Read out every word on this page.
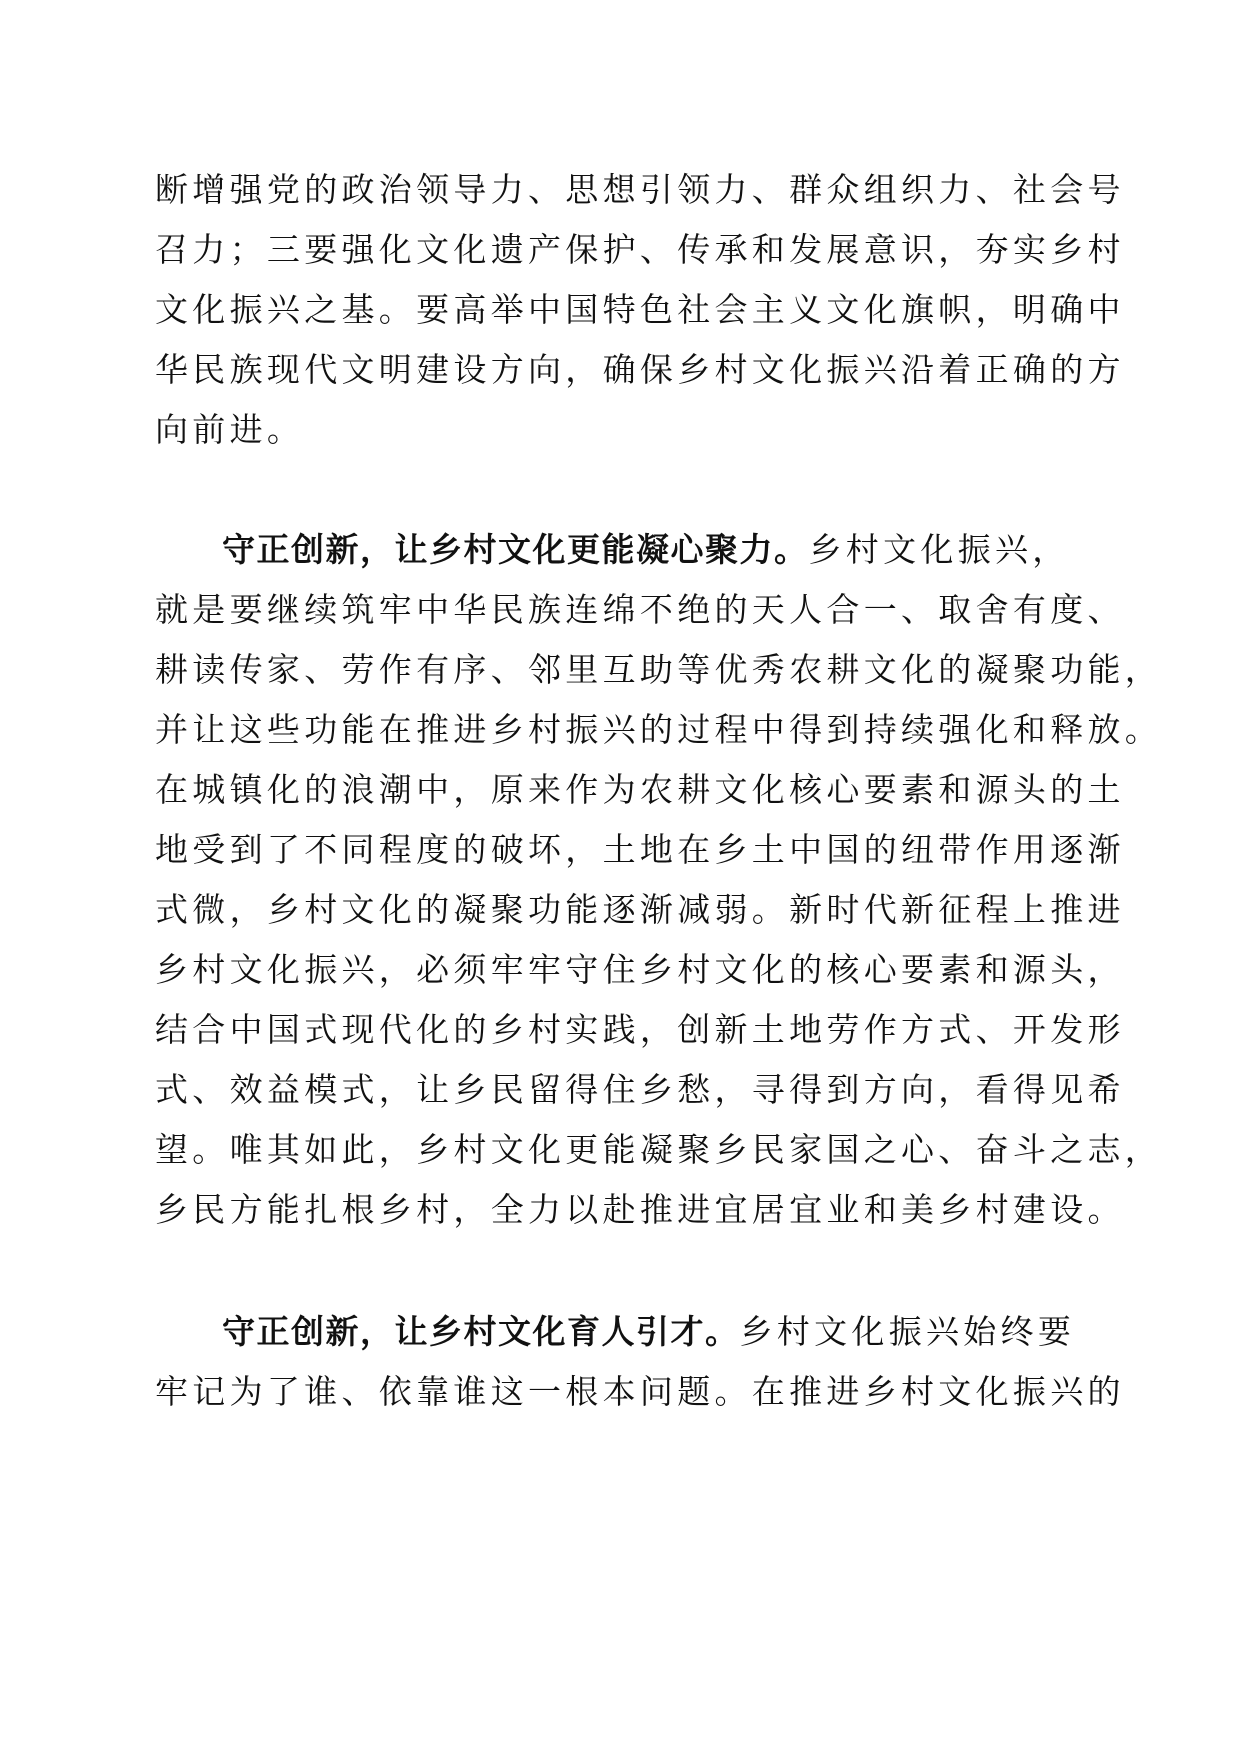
断增强党的政治领导力、思想引领力、群众组织力、社会号
召力；三要强化文化遗产保护、传承和发展意识，夯实乡村
文化振兴之基。要高举中国特色社会主义文化旗帜，明确中
华民族现代文明建设方向，确保乡村文化振兴沿着正确的方
向前进。
守正创新，让乡村文化更能凝心聚力。乡村文化振兴，
就是要继续筑牢中华民族连绵不绝的天人合一、取舍有度、
耕读传家、劳作有序、邻里互助等优秀农耕文化的凝聚功能，
并让这些功能在推进乡村振兴的过程中得到持续强化和释放。
在城镇化的浪潮中，原来作为农耕文化核心要素和源头的土
地受到了不同程度的破坏，土地在乡土中国的纽带作用逐渐
式微，乡村文化的凝聚功能逐渐减弱。新时代新征程上推进
乡村文化振兴，必须牢牢守住乡村文化的核心要素和源头，
结合中国式现代化的乡村实践，创新土地劳作方式、开发形
式、效益模式，让乡民留得住乡愁，寻得到方向，看得见希
望。唯其如此，乡村文化更能凝聚乡民家国之心、奋斗之志，
乡民方能扎根乡村，全力以赴推进宜居宜业和美乡村建设。
守正创新，让乡村文化育人引才。乡村文化振兴始终要
牢记为了谁、依靠谁这一根本问题。在推进乡村文化振兴的
